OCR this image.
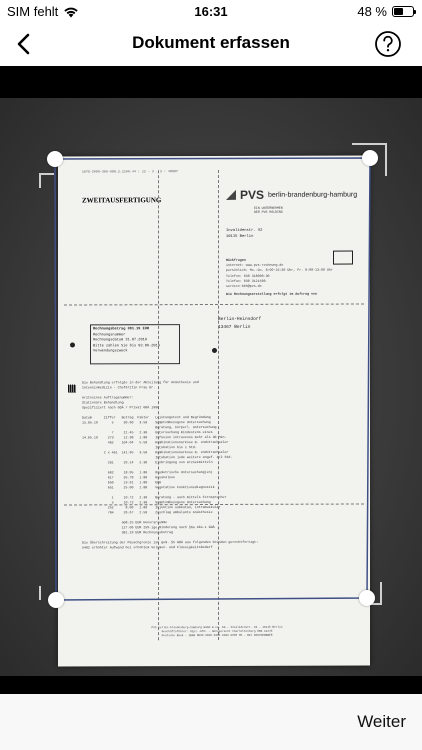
SIM fehlt	16:31	48 %
Dokument erfassen
1075-2659-306-988.2.2166.44 : 12 - 3 . 3 : 48887
ZWEITAUSFERTIGUNG	PVS berlin-brandenburg-hamburg
EIN UNTERNEHMEN
DER PVS HOLDING
Invalidenstr. 92
10115 Berlin
Rückfragen
internet: www.pvs-rechnung.de
persönlich: Mo.-Do. 8:00-16:30 Uhr, Fr. 8:00-13:00 Uhr
Telefon: 030 318000-30
Telefax: 030 3121500
service-bbh@pvs.de
Die Rechnungserstellung erfolgt im Auftrag von
Berlin-Heinsdorf
13467 Berlin
Rechnungsbetrag 381.19 EUR
Rechnungsnummer
Rechnungsdatum 31.07.2019
Bitte zahlen Sie bis 02.09.2019
Verwendungszweck
Die Behandlung erfolgte in der Abteilung für Anästhesie und
Intensivmedizin - Chefärztin Frau Dr.

Arztseines Auftragsnummer:
Stationäre Behandlung
Spezifiziert nach GOÄ / Privat GOÄ 1996

Datum      Ziffer   Betrag  Faktor   Leistungstext und Begründung
15.05.19       5     30.60   3.50    Symptombezogene Untersuchung
Beratung, körperl. Untersuchung
7     21.45   2.30    Untersuchung mindestens eines
14.05.19     273     12.38   1.80    Infusion intravenös mehr als 30 Min.
462    104.04   5.50    Kombinationsnarkose m. endotrachealer
Intubation bis 1 Std.
2 x 461  141.95   3.50    Kombinationsnarkose m. endotrachealer
Intubation jede weitere angef. 1/2 Std.
261     26.14   2.30    Einbringung von Arzneimitteln

602     18.95   1.80    Oxymetrische Untersuchung(en)
617     35.78   1.80    Gasanalyse
650     13.91   1.80    EKG
651     25.00   1.80    Vegetative Funktionsdiagnostik

1     10.72   2.30    Beratung - auch mittels Fernsprecher
5     10.72   2.30    Symptombezogene Untersuchung
252      8.00   1.80    Injektion subkutan, intramuskulär
784     26.67   2.50    Zuschlag ambulante Anästhesie

508.25 EUR Honorarsumme
127.06 EUR 25% ige Minderung nach §6a Abs.1 GOÄ
381.19 EUR Rechnungsbetrag

Die Überschreitung der Pauschgrenze ist gem. §5 GOÄ aus folgenden Gründen gerechtfertigt:
5402 erhöhter Aufwand bei erhöhtem Volumen- und Flüssigkeitsbedarf
PVS berlin-brandenburg-hamburg GmbH & Co. KG - Invalidenstr. 92 - 10115 Berlin
Geschäftsführer: Dipl.-Kfm. - Amtsgericht Charlottenburg HRA 12345
Deutsche Bank - IBAN DE00 0000 0000 0000 0000 00 - BIC DEUTDEDBBER
Weiter
